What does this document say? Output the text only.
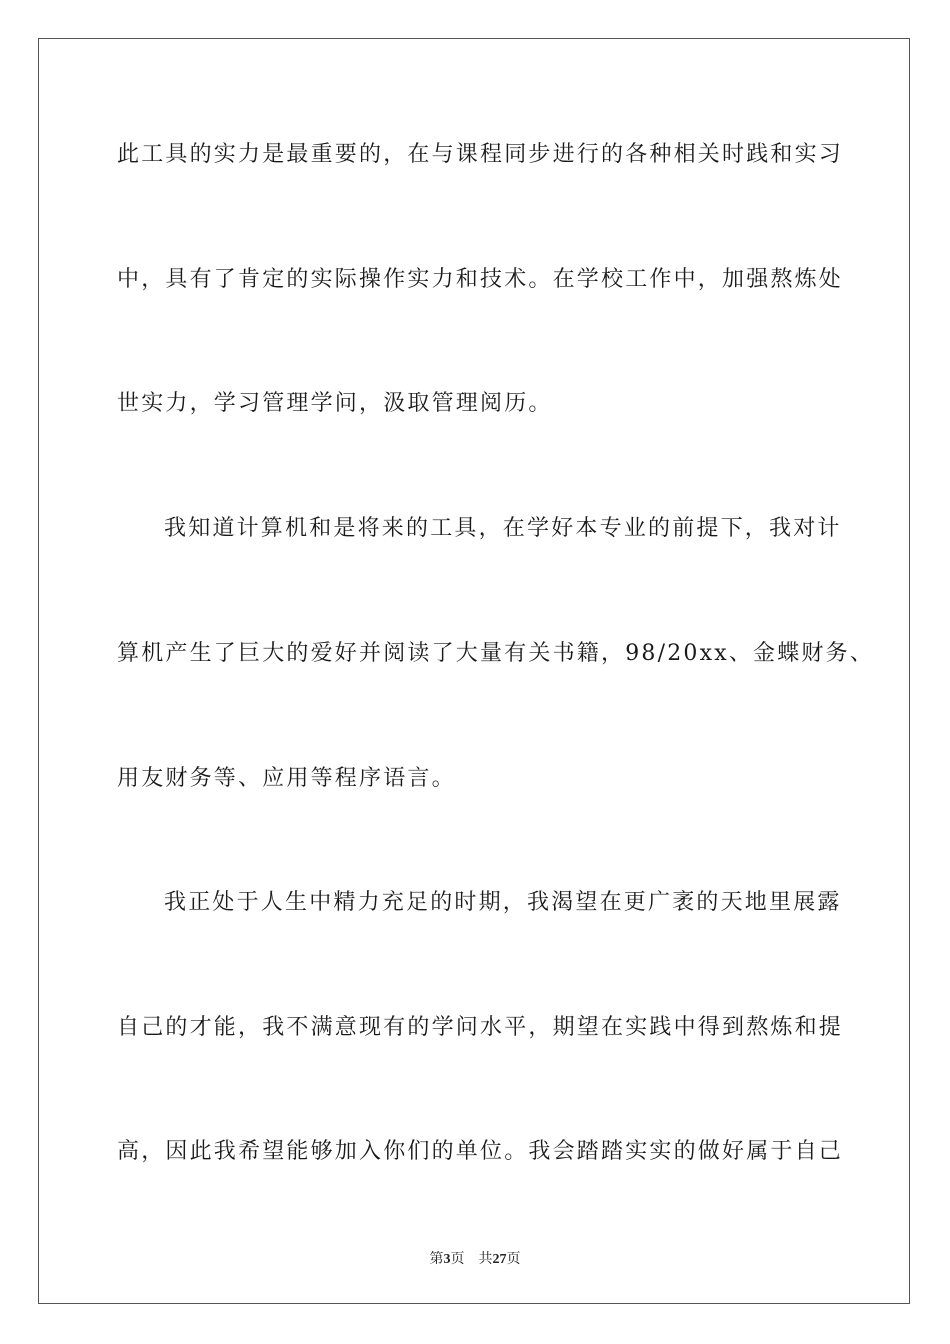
此工具的实力是最重要的，在与课程同步进行的各种相关时践和实习
中，具有了肯定的实际操作实力和技术。在学校工作中，加强熬炼处
世实力，学习管理学问，汲取管理阅历。
我知道计算机和是将来的工具，在学好本专业的前提下，我对计
算机产生了巨大的爱好并阅读了大量有关书籍，98/20xx、金蝶财务、
用友财务等、应用等程序语言。
我正处于人生中精力充足的时期，我渴望在更广袤的天地里展露
自己的才能，我不满意现有的学问水平，期望在实践中得到熬炼和提
高，因此我希望能够加入你们的单位。我会踏踏实实的做好属于自己
第3页 共27页
